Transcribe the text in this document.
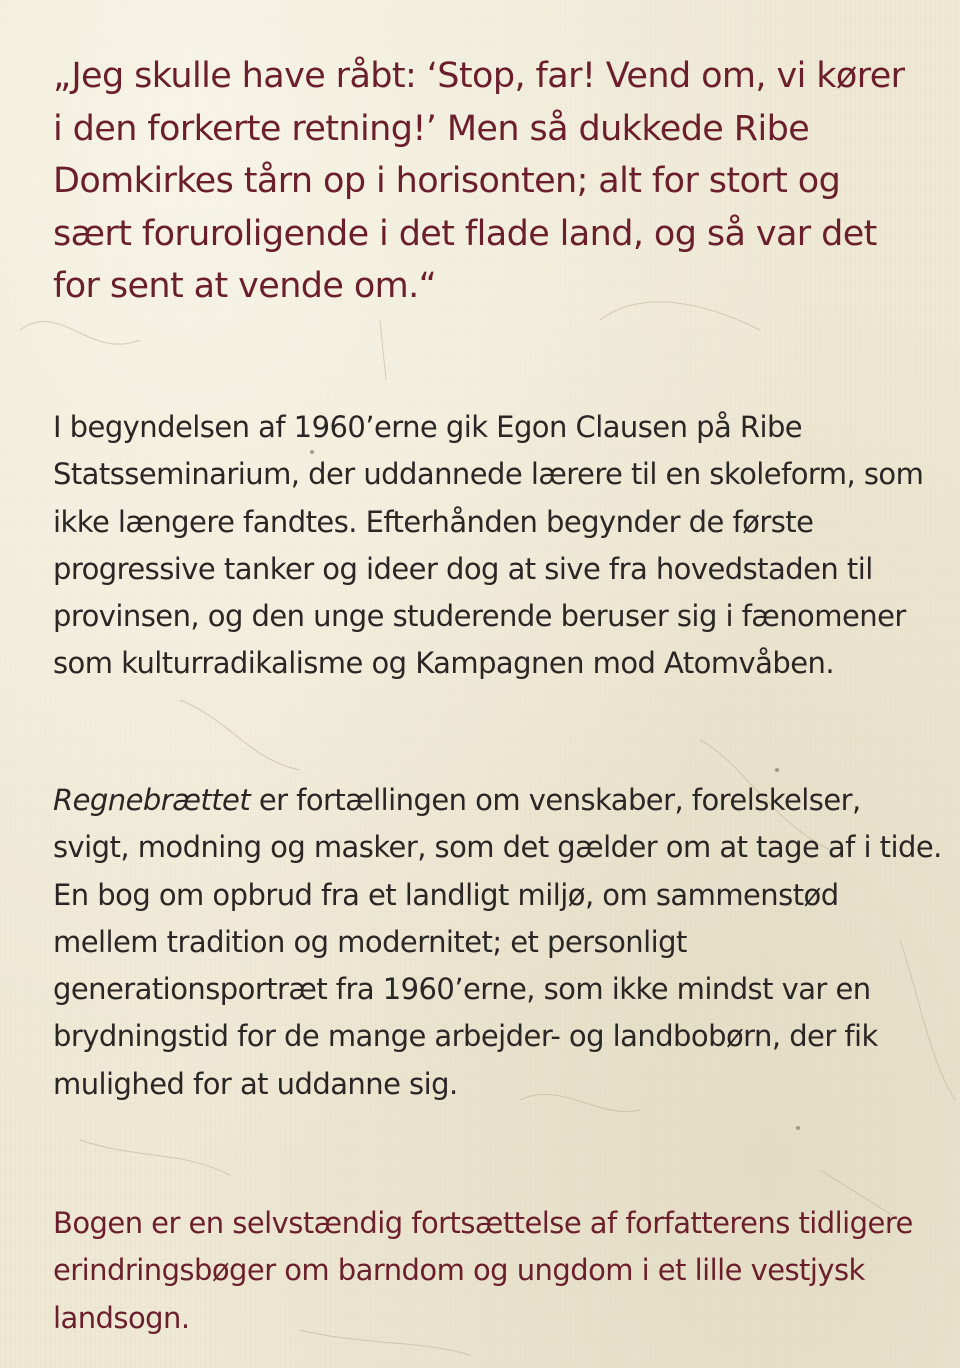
„Jeg skulle have råbt: ‘Stop, far! Vend om, vi kører i den forkerte retning!’ Men så dukkede Ribe Domkirkes tårn op i horisonten; alt for stort og sært foruroligende i det flade land, og så var det for sent at vende om.“

I begyndelsen af 1960’erne gik Egon Clausen på Ribe Statsseminarium, der uddannede lærere til en skoleform, som ikke længere fandtes. Efterhånden begynder de første progressive tanker og ideer dog at sive fra hovedstaden til provinsen, og den unge studerende beruser sig i fænomener som kulturradikalisme og Kampagnen mod Atomvåben.

Regnebrættet er fortællingen om venskaber, forelskelser, svigt, modning og masker, som det gælder om at tage af i tide. En bog om opbrud fra et landligt miljø, om sammenstød mellem tradition og modernitet; et personligt generationsportræt fra 1960’erne, som ikke mindst var en brydningstid for de mange arbejder- og landbobørn, der fik mulighed for at uddanne sig.

Bogen er en selvstændig fortsættelse af forfatterens tidligere erindringsbøger om barndom og ungdom i et lille vestjysk landsogn.
